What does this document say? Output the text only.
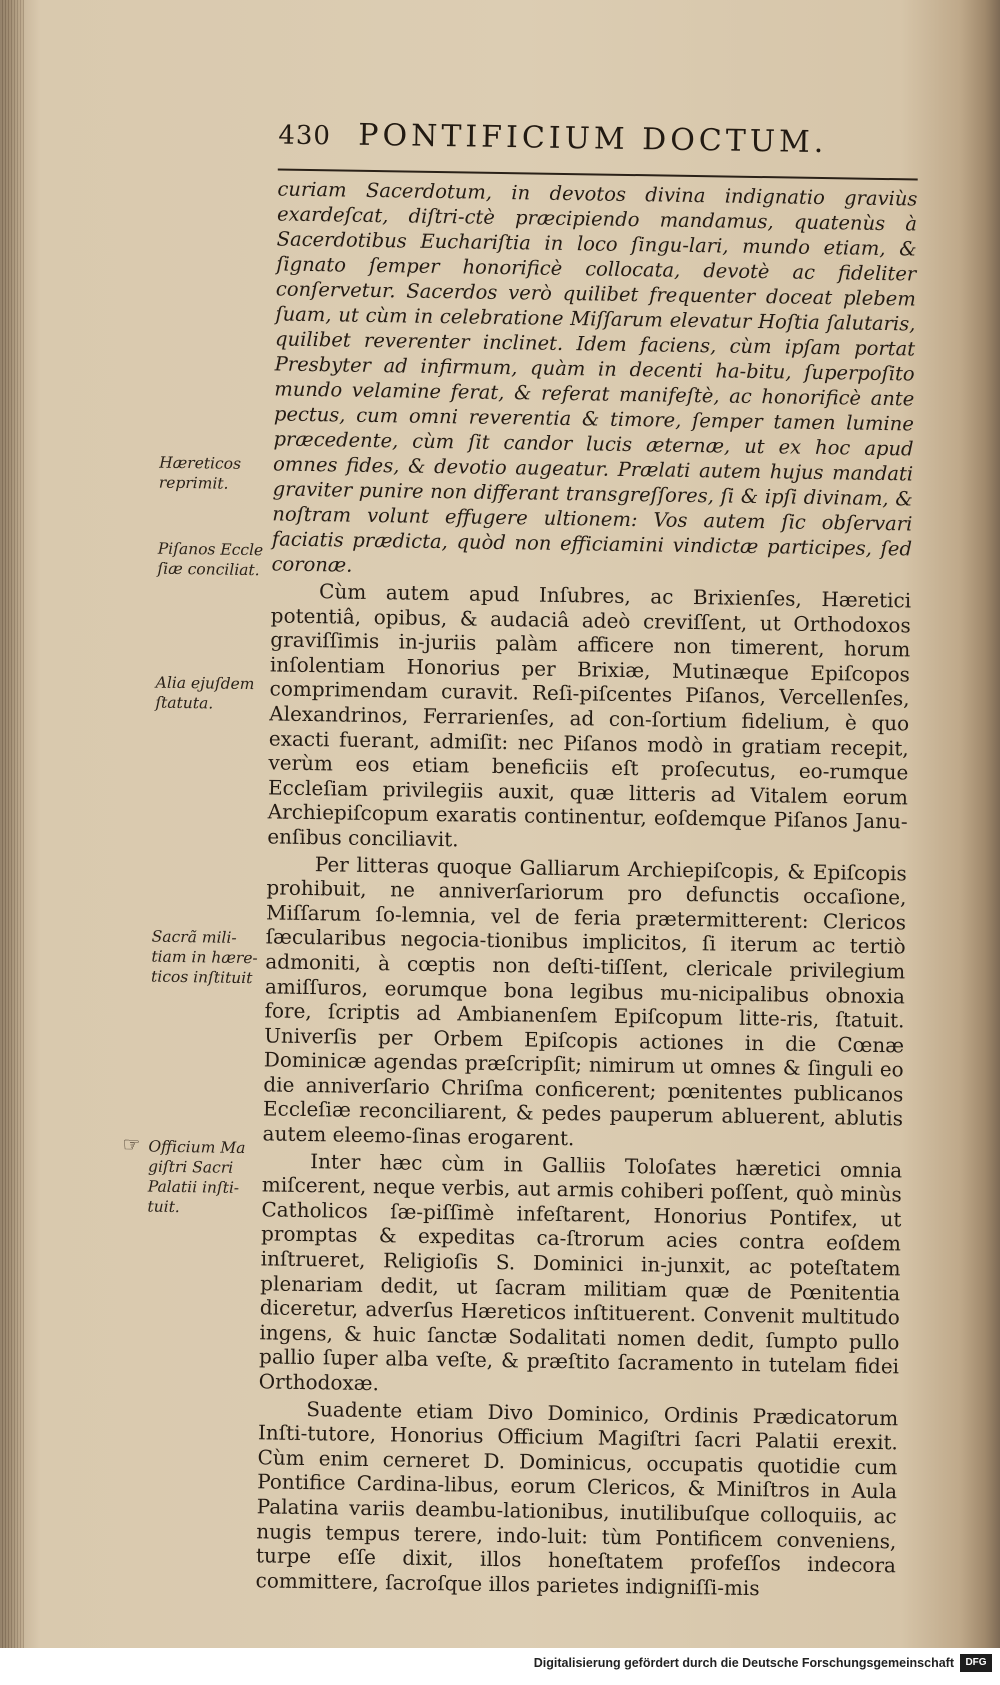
430 PONTIFICIUM DOCTUM.

curiam Sacerdotum, in devotos divina indignatio graviùs exardeſcat, diſtri-ctè præcipiendo mandamus, quatenùs à Sacerdotibus Euchariſtia in loco ſingu-lari, mundo etiam, & ſignato ſemper honorificè collocata, devotè ac fideliter conſervetur. Sacerdos verò quilibet frequenter doceat plebem ſuam, ut cùm in celebratione Miſſarum elevatur Hoſtia ſalutaris, quilibet reverenter inclinet. Idem faciens, cùm ipſam portat Presbyter ad infirmum, quàm in decenti ha-bitu, ſuperpoſito mundo velamine ferat, & referat manifeſtè, ac honorificè ante pectus, cum omni reverentia & timore, ſemper tamen lumine præcedente, cùm ſit candor lucis æternæ, ut ex hoc apud omnes fides, & devotio augeatur. Prælati autem hujus mandati graviter punire non differant transgreſſores, ſi & ipſi divinam, & noſtram volunt effugere ultionem: Vos autem ſic obſervari faciatis prædicta, quòd non efficiamini vindictæ participes, ſed coronæ.

Cùm autem apud Inſubres, ac Brixienſes, Hæretici potentiâ, opibus, & audaciâ adeò creviſſent, ut Orthodoxos graviſſimis in-juriis palàm afficere non timerent, horum inſolentiam Honorius per Brixiæ, Mutinæque Epiſcopos comprimendam curavit. Reſi-piſcentes Piſanos, Vercellenſes, Alexandrinos, Ferrarienſes, ad con-ſortium fidelium, è quo exacti fuerant, admiſit: nec Piſanos modò in gratiam recepit, verùm eos etiam beneficiis eſt proſecutus, eo-rumque Eccleſiam privilegiis auxit, quæ litteris ad Vitalem eorum Archiepiſcopum exaratis continentur, eoſdemque Piſanos Janu-enſibus conciliavit.

Per litteras quoque Galliarum Archiepiſcopis, & Epiſcopis prohibuit, ne anniverſariorum pro defunctis occaſione, Miſſarum ſo-lemnia, vel de feria prætermitterent: Clericos ſæcularibus negocia-tionibus implicitos, ſi iterum ac tertiò admoniti, à cœptis non deſti-tiſſent, clericale privilegium amiſſuros, eorumque bona legibus mu-nicipalibus obnoxia fore, ſcriptis ad Ambianenſem Epiſcopum litte-ris, ſtatuit. Univerſis per Orbem Epiſcopis actiones in die Cœnæ Dominicæ agendas præſcripſit; nimirum ut omnes & ſinguli eo die anniverſario Chriſma conficerent; pœnitentes publicanos Eccleſiæ reconciliarent, & pedes pauperum abluerent, ablutis autem eleemo-ſinas erogarent.

Inter hæc cùm in Galliis Toloſates hæretici omnia miſcerent, neque verbis, aut armis cohiberi poſſent, quò minùs Catholicos ſæ-piſſimè infeſtarent, Honorius Pontifex, ut promptas & expeditas ca-ſtrorum acies contra eoſdem inſtrueret, Religioſis S. Dominici in-junxit, ac poteſtatem plenariam dedit, ut ſacram militiam quæ de Pœnitentia diceretur, adverſus Hæreticos inſtituerent. Convenit multitudo ingens, & huic ſanctæ Sodalitati nomen dedit, ſumpto pullo pallio ſuper alba veſte, & præſtito ſacramento in tutelam fidei Orthodoxæ.

Suadente etiam Divo Dominico, Ordinis Prædicatorum Inſti-tutore, Honorius Officium Magiſtri ſacri Palatii erexit. Cùm enim cerneret D. Dominicus, occupatis quotidie cum Pontifice Cardina-libus, eorum Clericos, & Miniſtros in Aula Palatina variis deambu-lationibus, inutilibuſque colloquiis, ac nugis tempus terere, indo-luit: tùm Pontificem conveniens, turpe eſſe dixit, illos honeſtatem profeſſos indecora committere, ſacroſque illos parietes indigniſſi-mis

Hæreticos reprimit.
Piſanos Eccle ſiæ conciliat.
Alia ejuſdem ſtatuta.
Sacrã mili-tiam in hære-ticos inſtituit
☞ Officium Ma giſtri Sacri Palatii inſti-tuit.
Digitalisierung gefördert durch die Deutsche Forschungsgemeinschaft	DFG
